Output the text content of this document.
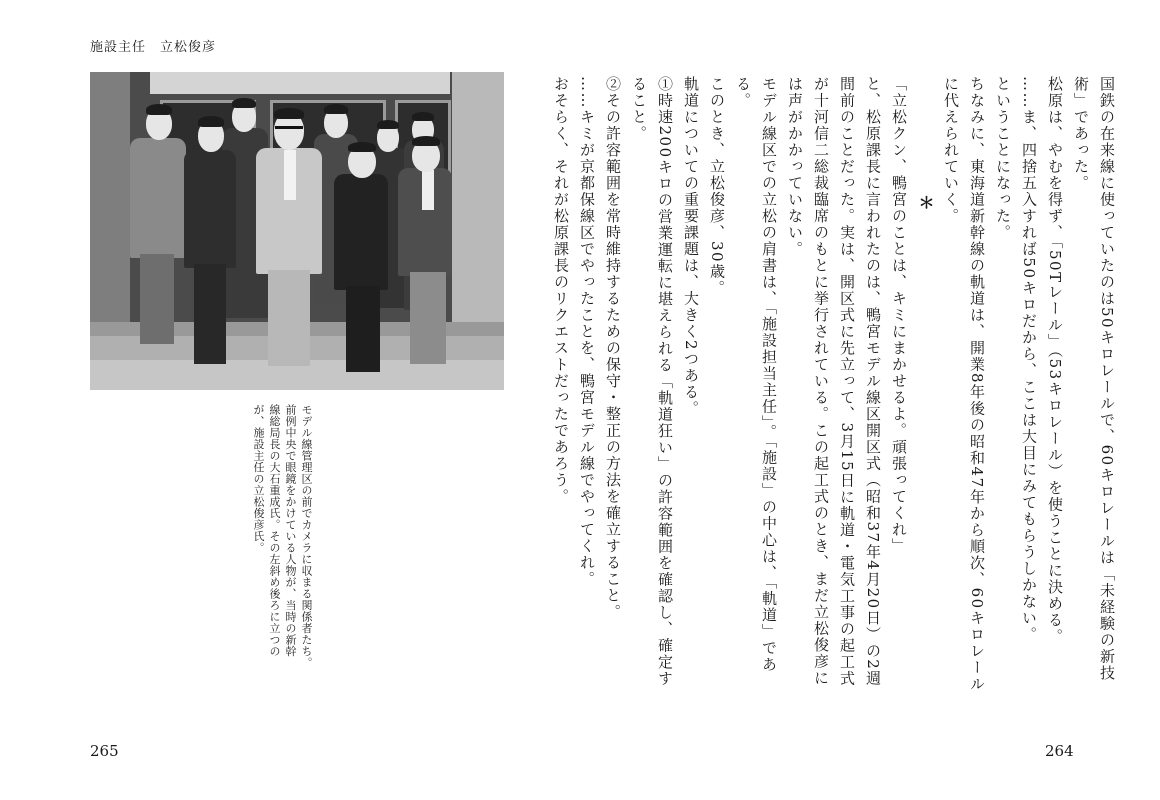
施設主任　立松俊彦

モデル線管理区の前でカメラに収まる関係者たち。

前例中央で眼鏡をかけている人物が、当時の新幹

線総局長の大石重成氏。その左斜め後ろに立つの

が、施設主任の立松俊彦氏。

265

国鉄の在来線に使っていたのは50キロレールで、60キロレールは「未経験の新技術」であった。

松原は、やむを得ず、「50Tレール」（53キロレール）を使うことに決める。

……ま、四捨五入すれば50キロだから、ここは大目にみてもらうしかない。

ということになった。

ちなみに、東海道新幹線の軌道は、開業8年後の昭和47年から順次、60キロレールに代えられていく。

＊

「立松クン、鴨宮のことは、キミにまかせるよ。頑張ってくれ」

と、松原課長に言われたのは、鴨宮モデル線区開区式（昭和37年4月20日）の2週間前のことだった。実は、開区式に先立って、3月15日に軌道・電気工事の起工式が十河信二総裁臨席のもとに挙行されている。この起工式のとき、まだ立松俊彦には声がかかっていない。

モデル線区での立松の肩書は、「施設担当主任」。「施設」の中心は、「軌道」である。

このとき、立松俊彦、30歳。

軌道についての重要課題は、大きく2つある。

①時速200キロの営業運転に堪えられる「軌道狂い」の許容範囲を確認し、確定すること。

②その許容範囲を常時維持するための保守・整正の方法を確立すること。

……キミが京都保線区でやったことを、鴨宮モデル線でやってくれ。

おそらく、それが松原課長のリクエストだったであろう。

264
